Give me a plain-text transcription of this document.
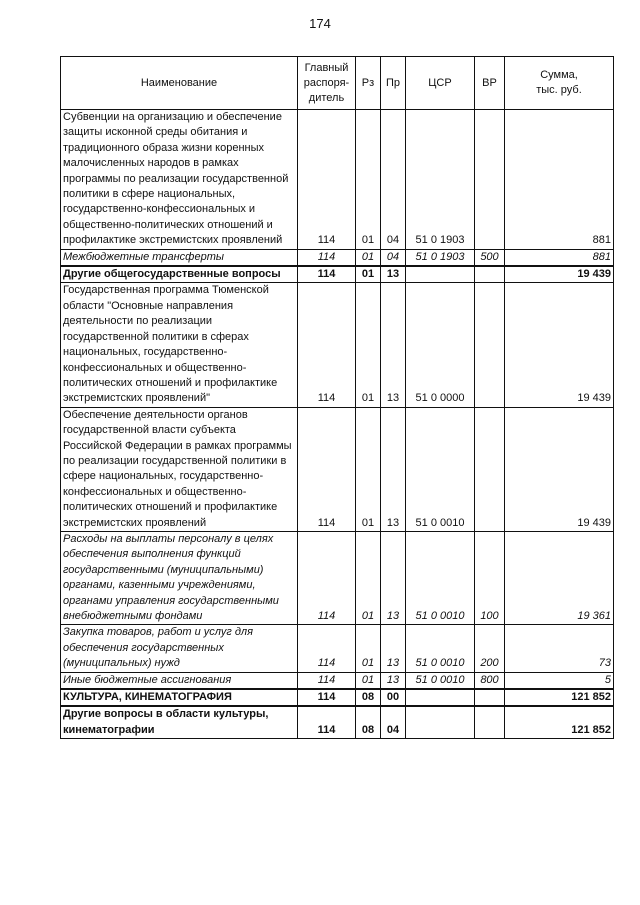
174
Наименование	Главный
распоря-
дитель	Рз	Пр	ЦСР	ВР	Сумма,
тыс. руб.
Субвенции на организацию и обеспечение защиты исконной среды обитания и традиционного образа жизни коренных малочисленных народов в рамках программы по реализации государственной политики в сфере национальных, государственно-конфессиональных и общественно-политических отношений и профилактике экстремистских проявлений	114	01	04	51 0 1903		881
Межбюджетные трансферты	114	01	04	51 0 1903	500	881
Другие общегосударственные вопросы	114	01	13			19 439
Государственная программа Тюменской области "Основные направления деятельности по реализации государственной политики в сферах национальных, государственно-конфессиональных и общественно-политических отношений и профилактике экстремистских проявлений"	114	01	13	51 0 0000		19 439
Обеспечение деятельности органов государственной власти субъекта Российской Федерации в рамках программы по реализации государственной политики в сфере национальных, государственно-конфессиональных и общественно-политических отношений и профилактике экстремистских проявлений	114	01	13	51 0 0010		19 439
Расходы на выплаты персоналу в целях обеспечения выполнения функций государственными (муниципальными) органами, казенными учреждениями, органами управления государственными внебюджетными фондами	114	01	13	51 0 0010	100	19 361
Закупка товаров, работ и услуг для обеспечения государственных (муниципальных) нужд	114	01	13	51 0 0010	200	73
Иные бюджетные ассигнования	114	01	13	51 0 0010	800	5
КУЛЬТУРА, КИНЕМАТОГРАФИЯ	114	08	00			121 852
Другие вопросы в области культуры, кинематографии	114	08	04			121 852
